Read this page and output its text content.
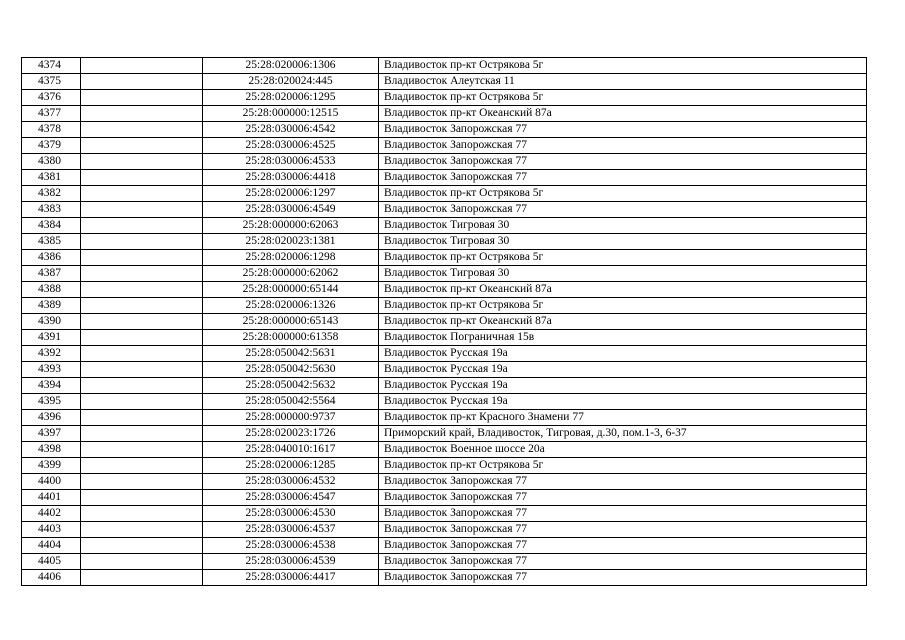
4374		25:28:020006:1306	Владивосток пр-кт Острякова 5г
4375		25:28:020024:445	Владивосток Алеутская 11
4376		25:28:020006:1295	Владивосток пр-кт Острякова 5г
4377		25:28:000000:12515	Владивосток пр-кт Океанский 87а
4378		25:28:030006:4542	Владивосток Запорожская 77
4379		25:28:030006:4525	Владивосток Запорожская 77
4380		25:28:030006:4533	Владивосток Запорожская 77
4381		25:28:030006:4418	Владивосток Запорожская 77
4382		25:28:020006:1297	Владивосток пр-кт Острякова 5г
4383		25:28:030006:4549	Владивосток Запорожская 77
4384		25:28:000000:62063	Владивосток Тигровая 30
4385		25:28:020023:1381	Владивосток Тигровая 30
4386		25:28:020006:1298	Владивосток пр-кт Острякова 5г
4387		25:28:000000:62062	Владивосток Тигровая 30
4388		25:28:000000:65144	Владивосток пр-кт Океанский 87а
4389		25:28:020006:1326	Владивосток пр-кт Острякова 5г
4390		25:28:000000:65143	Владивосток пр-кт Океанский 87а
4391		25:28:000000:61358	Владивосток Пограничная 15в
4392		25:28:050042:5631	Владивосток Русская 19а
4393		25:28:050042:5630	Владивосток Русская 19а
4394		25:28:050042:5632	Владивосток Русская 19а
4395		25:28:050042:5564	Владивосток Русская 19а
4396		25:28:000000:9737	Владивосток пр-кт Красного Знамени 77
4397		25:28:020023:1726	Приморский край, Владивосток, Тигровая, д.30, пом.1-3, 6-37
4398		25:28:040010:1617	Владивосток Военное шоссе 20а
4399		25:28:020006:1285	Владивосток пр-кт Острякова 5г
4400		25:28:030006:4532	Владивосток Запорожская 77
4401		25:28:030006:4547	Владивосток Запорожская 77
4402		25:28:030006:4530	Владивосток Запорожская 77
4403		25:28:030006:4537	Владивосток Запорожская 77
4404		25:28:030006:4538	Владивосток Запорожская 77
4405		25:28:030006:4539	Владивосток Запорожская 77
4406		25:28:030006:4417	Владивосток Запорожская 77
